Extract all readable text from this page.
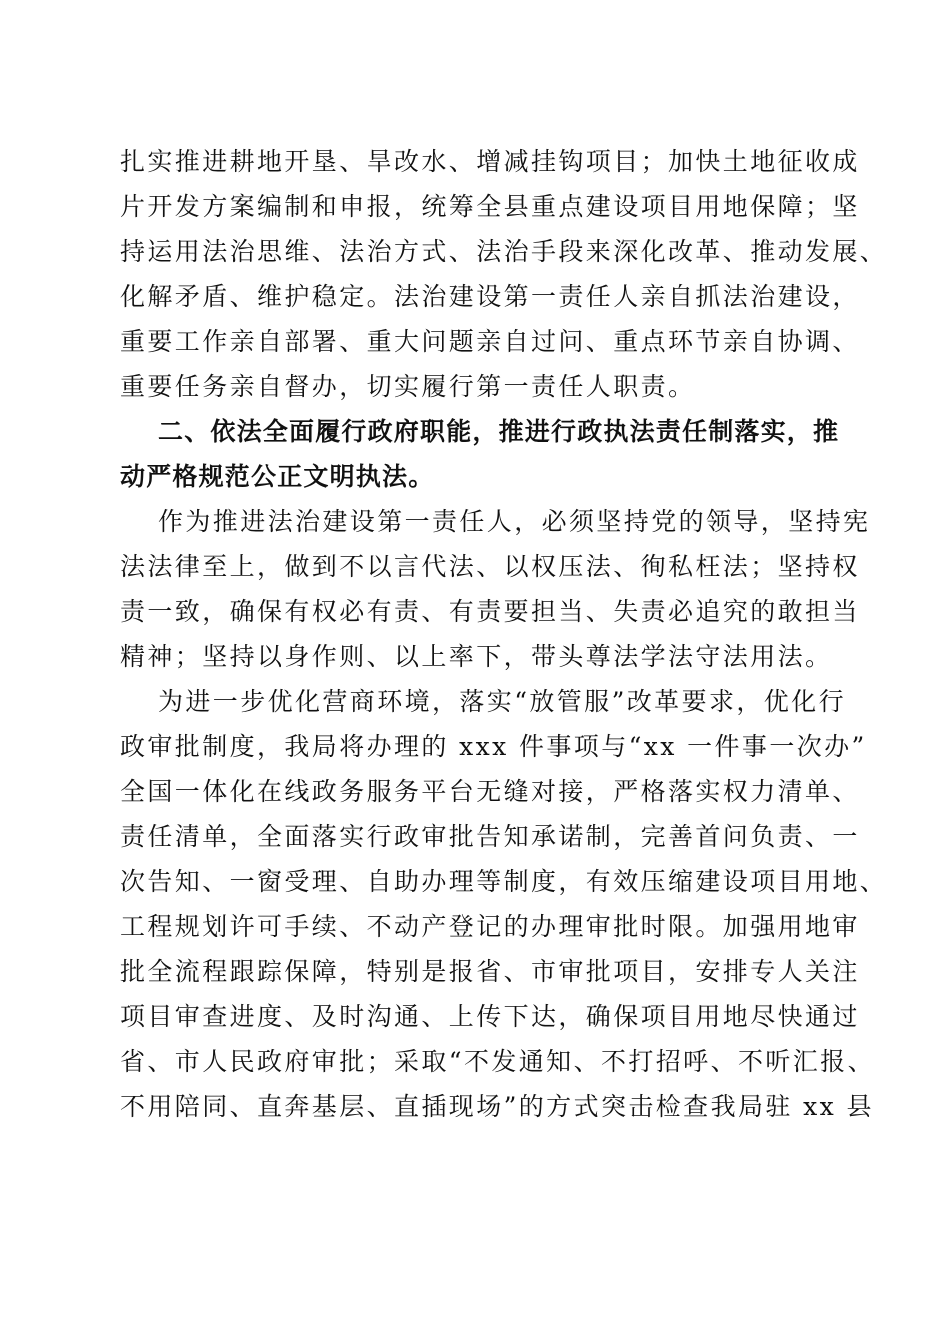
扎实推进耕地开垦、旱改水、增减挂钩项目；加快土地征收成
片开发方案编制和申报，统筹全县重点建设项目用地保障；坚
持运用法治思维、法治方式、法治手段来深化改革、推动发展、
化解矛盾、维护稳定。法治建设第一责任人亲自抓法治建设，
重要工作亲自部署、重大问题亲自过问、重点环节亲自协调、
重要任务亲自督办，切实履行第一责任人职责。
二、依法全面履行政府职能，推进行政执法责任制落实，推
动严格规范公正文明执法。
作为推进法治建设第一责任人，必须坚持党的领导，坚持宪
法法律至上，做到不以言代法、以权压法、徇私枉法；坚持权
责一致，确保有权必有责、有责要担当、失责必追究的敢担当
精神；坚持以身作则、以上率下，带头尊法学法守法用法。
为进一步优化营商环境，落实“放管服”改革要求，优化行
政审批制度，我局将办理的 xxx 件事项与“xx 一件事一次办”
全国一体化在线政务服务平台无缝对接，严格落实权力清单、
责任清单，全面落实行政审批告知承诺制，完善首问负责、一
次告知、一窗受理、自助办理等制度，有效压缩建设项目用地、
工程规划许可手续、不动产登记的办理审批时限。加强用地审
批全流程跟踪保障，特别是报省、市审批项目，安排专人关注
项目审查进度、及时沟通、上传下达，确保项目用地尽快通过
省、市人民政府审批；采取“不发通知、不打招呼、不听汇报、
不用陪同、直奔基层、直插现场”的方式突击检查我局驻 xx 县
